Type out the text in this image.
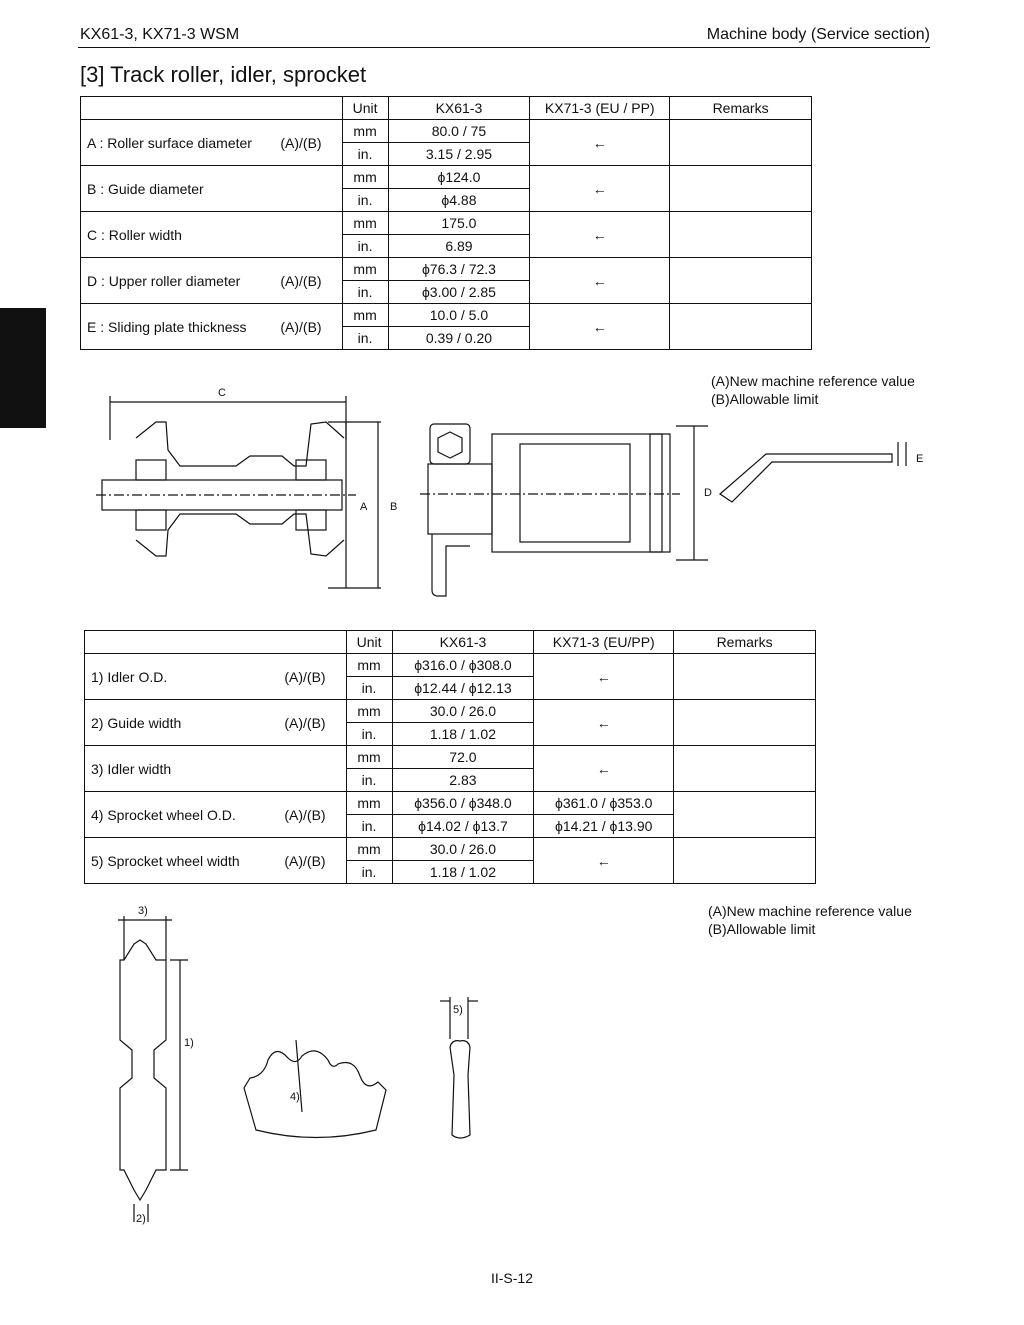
KX61-3, KX71-3 WSM	Machine body (Service section)
[3] Track roller, idler, sprocket
	Unit	KX61-3	KX71-3 (EU / PP)	Remarks
A : Roller surface diameter (A)/(B)	mm	80.0 / 75	←	
	in.	3.15 / 2.95		
B : Guide diameter	mm	ϕ124.0	←	
	in.	ϕ4.88		
C : Roller width	mm	175.0	←	
	in.	6.89		
D : Upper roller diameter (A)/(B)	mm	ϕ76.3 / 72.3	←	
	in.	ϕ3.00 / 2.85		
E : Sliding plate thickness (A)/(B)	mm	10.0 / 5.0	←	
	in.	0.39 / 0.20		
(A)New machine reference value
(B)Allowable limit
C
A B
D
E
	Unit	KX61-3	KX71-3 (EU/PP)	Remarks
1) Idler O.D. (A)/(B)	mm	ϕ316.0 / ϕ308.0	←	
	in.	ϕ12.44 / ϕ12.13		
2) Guide width (A)/(B)	mm	30.0 / 26.0	←	
	in.	1.18 / 1.02		
3) Idler width	mm	72.0	←	
	in.	2.83		
4) Sprocket wheel O.D. (A)/(B)	mm	ϕ356.0 / ϕ348.0	ϕ361.0 / ϕ353.0	
	in.	ϕ14.02 / ϕ13.7	ϕ14.21 / ϕ13.90	
5) Sprocket wheel width (A)/(B)	mm	30.0 / 26.0	←	
	in.	1.18 / 1.02		
(A)New machine reference value
(B)Allowable limit
3)
1)
2)
4)
5)
II-S-12
